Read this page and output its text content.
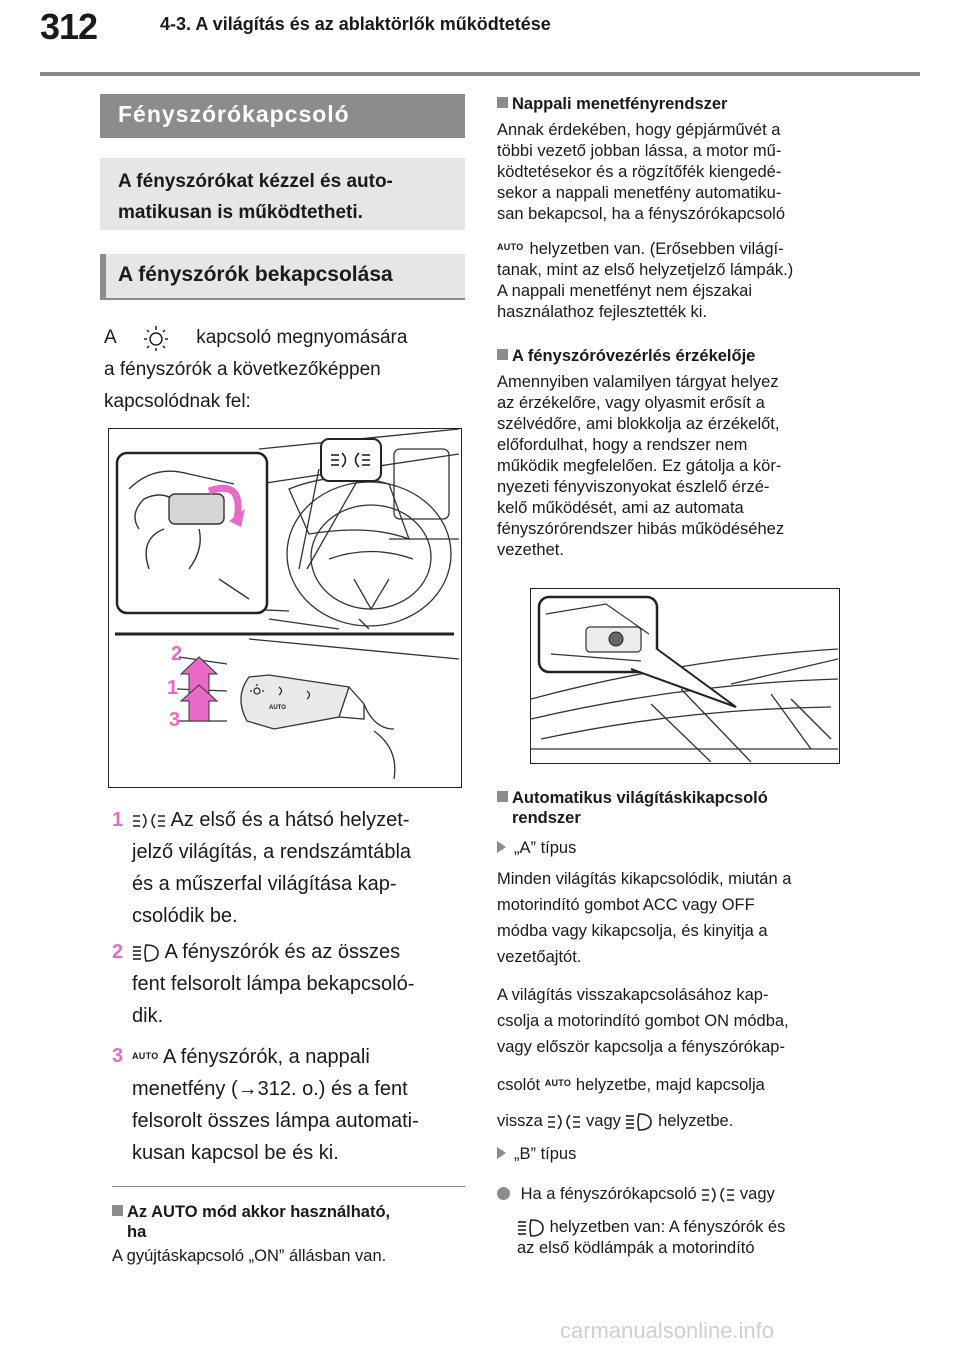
312	4-3. A világítás és az ablaktörlők működtetése
Fényszórókapcsoló
A fényszórókat kézzel és auto-
matikusan is működtetheti.
A fényszórók bekapcsolása
A	kapcsoló megnyomására
a fényszórók a következőképpen
kapcsolódnak fel:
2
1
3
AUTO
1	Az első és a hátsó helyzet-
jelző világítás, a rendszámtábla
és a műszerfal világítása kap-
csolódik be.
2	A fényszórók és az összes
fent felsorolt lámpa bekapcsoló-
dik.
3 AUTO A fényszórók, a nappali
menetfény (→312. o.) és a fent
felsorolt összes lámpa automati-
kusan kapcsol be és ki.
Az AUTO mód akkor használható,
ha
A gyújtáskapcsoló „ON” állásban van.
Nappali menetfényrendszer
Annak érdekében, hogy gépjárművét a
többi vezető jobban lássa, a motor mű-
ködtetésekor és a rögzítőfék kiengedé-
sekor a nappali menetfény automatiku-
san bekapcsol, ha a fényszórókapcsoló
AUTO helyzetben van. (Erősebben világí-
tanak, mint az első helyzetjelző lámpák.)
A nappali menetfényt nem éjszakai
használathoz fejlesztették ki.
A fényszóróvezérlés érzékelője
Amennyiben valamilyen tárgyat helyez
az érzékelőre, vagy olyasmit erősít a
szélvédőre, ami blokkolja az érzékelőt,
előfordulhat, hogy a rendszer nem
működik megfelelően. Ez gátolja a kör-
nyezeti fényviszonyokat észlelő érzé-
kelő működését, ami az automata
fényszórórendszer hibás működéséhez
vezethet.
Automatikus világításkikapcsoló
rendszer
„A” típus
Minden világítás kikapcsolódik, miután a
motorindító gombot ACC vagy OFF
módba vagy kikapcsolja, és kinyitja a
vezetőajtót.
A világítás visszakapcsolásához kap-
csolja a motorindító gombot ON módba,
vagy először kapcsolja a fényszórókap-
csolót AUTO helyzetbe, majd kapcsolja
vissza	vagy helyzetbe.
„B” típus
Ha a fényszórókapcsoló	vagy
helyzetben van: A fényszórók és
az első ködlámpák a motorindító
carmanualsonline.info
